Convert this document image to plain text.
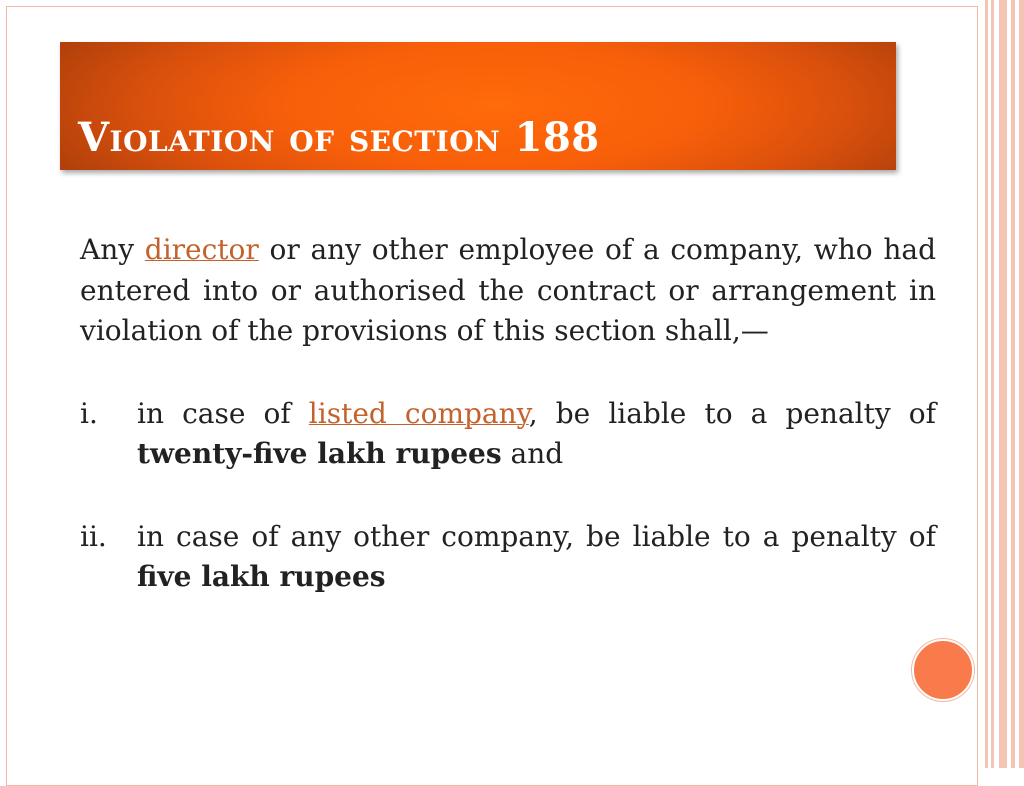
Violation of section 188

Any director or any other employee of a company, who had entered into or authorised the contract or arrangement in violation of the provisions of this section shall,—

i. in case of listed company, be liable to a penalty of twenty-five lakh rupees and
ii. in case of any other company, be liable to a penalty of five lakh rupees
